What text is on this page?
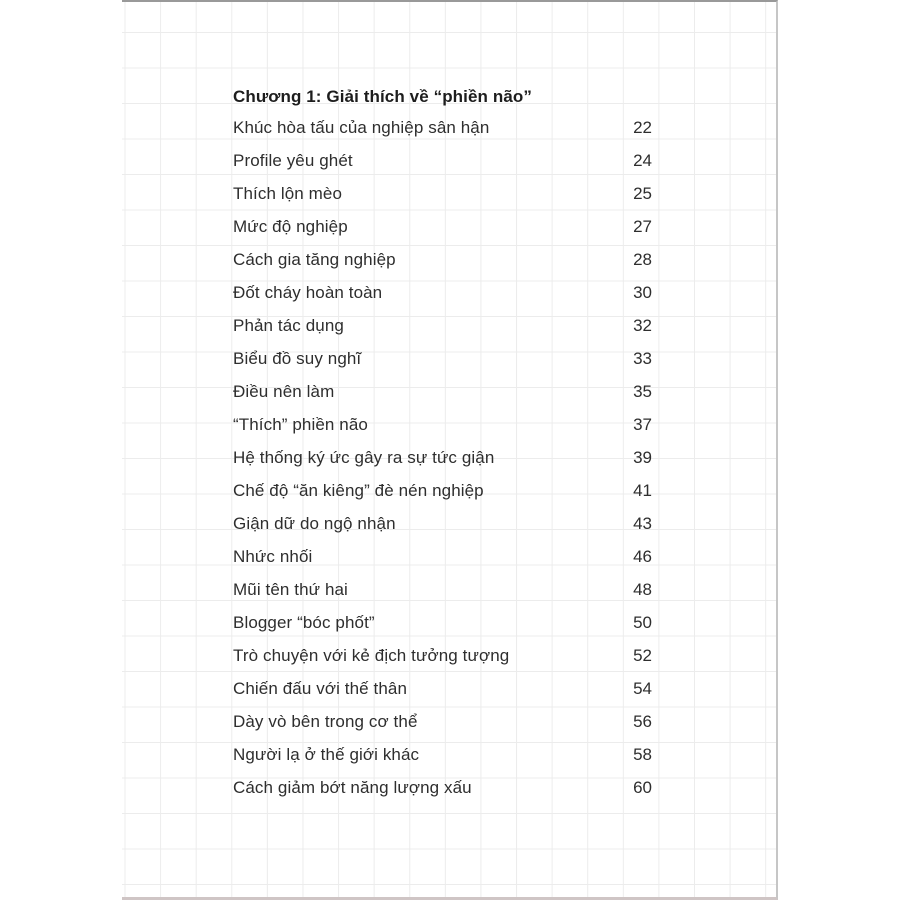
Chương 1: Giải thích về “phiền não”
Khúc hòa tấu của nghiệp sân hận	22
Profile yêu ghét	24
Thích lộn mèo	25
Mức độ nghiệp	27
Cách gia tăng nghiệp	28
Đốt cháy hoàn toàn	30
Phản tác dụng	32
Biểu đồ suy nghĩ	33
Điều nên làm	35
“Thích” phiền não	37
Hệ thống ký ức gây ra sự tức giận	39
Chế độ “ăn kiêng” đè nén nghiệp	41
Giận dữ do ngộ nhận	43
Nhức nhối	46
Mũi tên thứ hai	48
Blogger “bóc phốt”	50
Trò chuyện với kẻ địch tưởng tượng	52
Chiến đấu với thế thân	54
Dày vò bên trong cơ thể	56
Người lạ ở thế giới khác	58
Cách giảm bớt năng lượng xấu	60
